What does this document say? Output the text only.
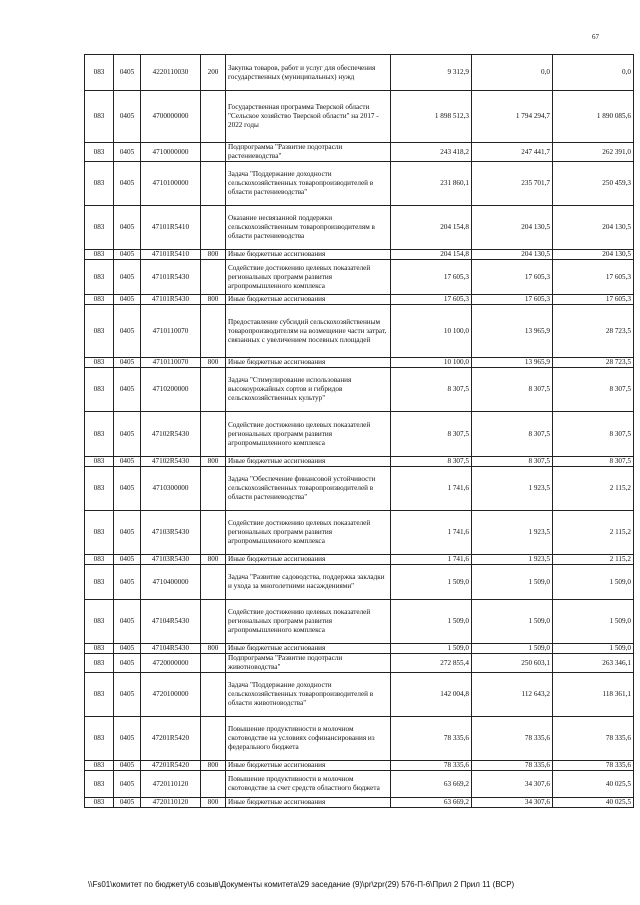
67
083	0405	4220110030	200	Закупка товаров, работ и услуг для обеспечения государственных (муниципальных) нужд	9 312,9	0,0	0,0
083	0405	4700000000		Государственная программа Тверской области "Сельское хозяйство Тверской области" на 2017 - 2022 годы	1 898 512,3	1 794 294,7	1 890 085,6
083	0405	4710000000		Подпрограмма "Развитие подотрасли растениеводства"	243 418,2	247 441,7	262 391,0
083	0405	4710100000		Задача "Поддержание доходности сельскохозяйственных товаропроизводителей в области растениеводства"	231 860,1	235 701,7	250 459,3
083	0405	47101R5410		Оказание несвязанной поддержки сельскохозяйственным товаропроизводителям в области растениеводства	204 154,8	204 130,5	204 130,5
083	0405	47101R5410	800	Иные бюджетные ассигнования	204 154,8	204 130,5	204 130,5
083	0405	47101R5430		Содействие достижению целевых показателей региональных программ развития агропромышленного комплекса	17 605,3	17 605,3	17 605,3
083	0405	47101R5430	800	Иные бюджетные ассигнования	17 605,3	17 605,3	17 605,3
083	0405	4710110070		Предоставление субсидий сельскохозяйственным товаропроизводителям на возмещение части затрат, связанных с увеличением посевных площадей	10 100,0	13 965,9	28 723,5
083	0405	4710110070	800	Иные бюджетные ассигнования	10 100,0	13 965,9	28 723,5
083	0405	4710200000		Задача "Стимулирование использования высокоурожайных сортов и гибридов сельскохозяйственных культур"	8 307,5	8 307,5	8 307,5
083	0405	47102R5430		Содействие достижению целевых показателей региональных программ развития агропромышленного комплекса	8 307,5	8 307,5	8 307,5
083	0405	47102R5430	800	Иные бюджетные ассигнования	8 307,5	8 307,5	8 307,5
083	0405	4710300000		Задача "Обеспечение финансовой устойчивости сельскохозяйственных товаропроизводителей в области растениеводства"	1 741,6	1 923,5	2 115,2
083	0405	47103R5430		Содействие достижению целевых показателей региональных программ развития агропромышленного комплекса	1 741,6	1 923,5	2 115,2
083	0405	47103R5430	800	Иные бюджетные ассигнования	1 741,6	1 923,5	2 115,2
083	0405	4710400000		Задача "Развитие садоводства, поддержка закладки и ухода за многолетними насаждениями"	1 509,0	1 509,0	1 509,0
083	0405	47104R5430		Содействие достижению целевых показателей региональных программ развития агропромышленного комплекса	1 509,0	1 509,0	1 509,0
083	0405	47104R5430	800	Иные бюджетные ассигнования	1 509,0	1 509,0	1 509,0
083	0405	4720000000		Подпрограмма "Развитие подотрасли животноводства"	272 855,4	250 603,1	263 346,1
083	0405	4720100000		Задача "Поддержание доходности сельскохозяйственных товаропроизводителей в области животноводства"	142 004,8	112 643,2	118 361,1
083	0405	47201R5420		Повышение продуктивности в молочном скотоводстве на условиях софинансирования из федерального бюджета	78 335,6	78 335,6	78 335,6
083	0405	47201R5420	800	Иные бюджетные ассигнования	78 335,6	78 335,6	78 335,6
083	0405	4720110120		Повышение продуктивности в молочном скотоводстве за счет средств областного бюджета	63 669,2	34 307,6	40 025,5
083	0405	4720110120	800	Иные бюджетные ассигнования	63 669,2	34 307,6	40 025,5
\\Fs01\комитет по бюджету\6 созыв\Документы комитета\29 заседание (9)\pr\zpr(29) 576-П-6\Прил 2 Прил 11 (ВСР)
